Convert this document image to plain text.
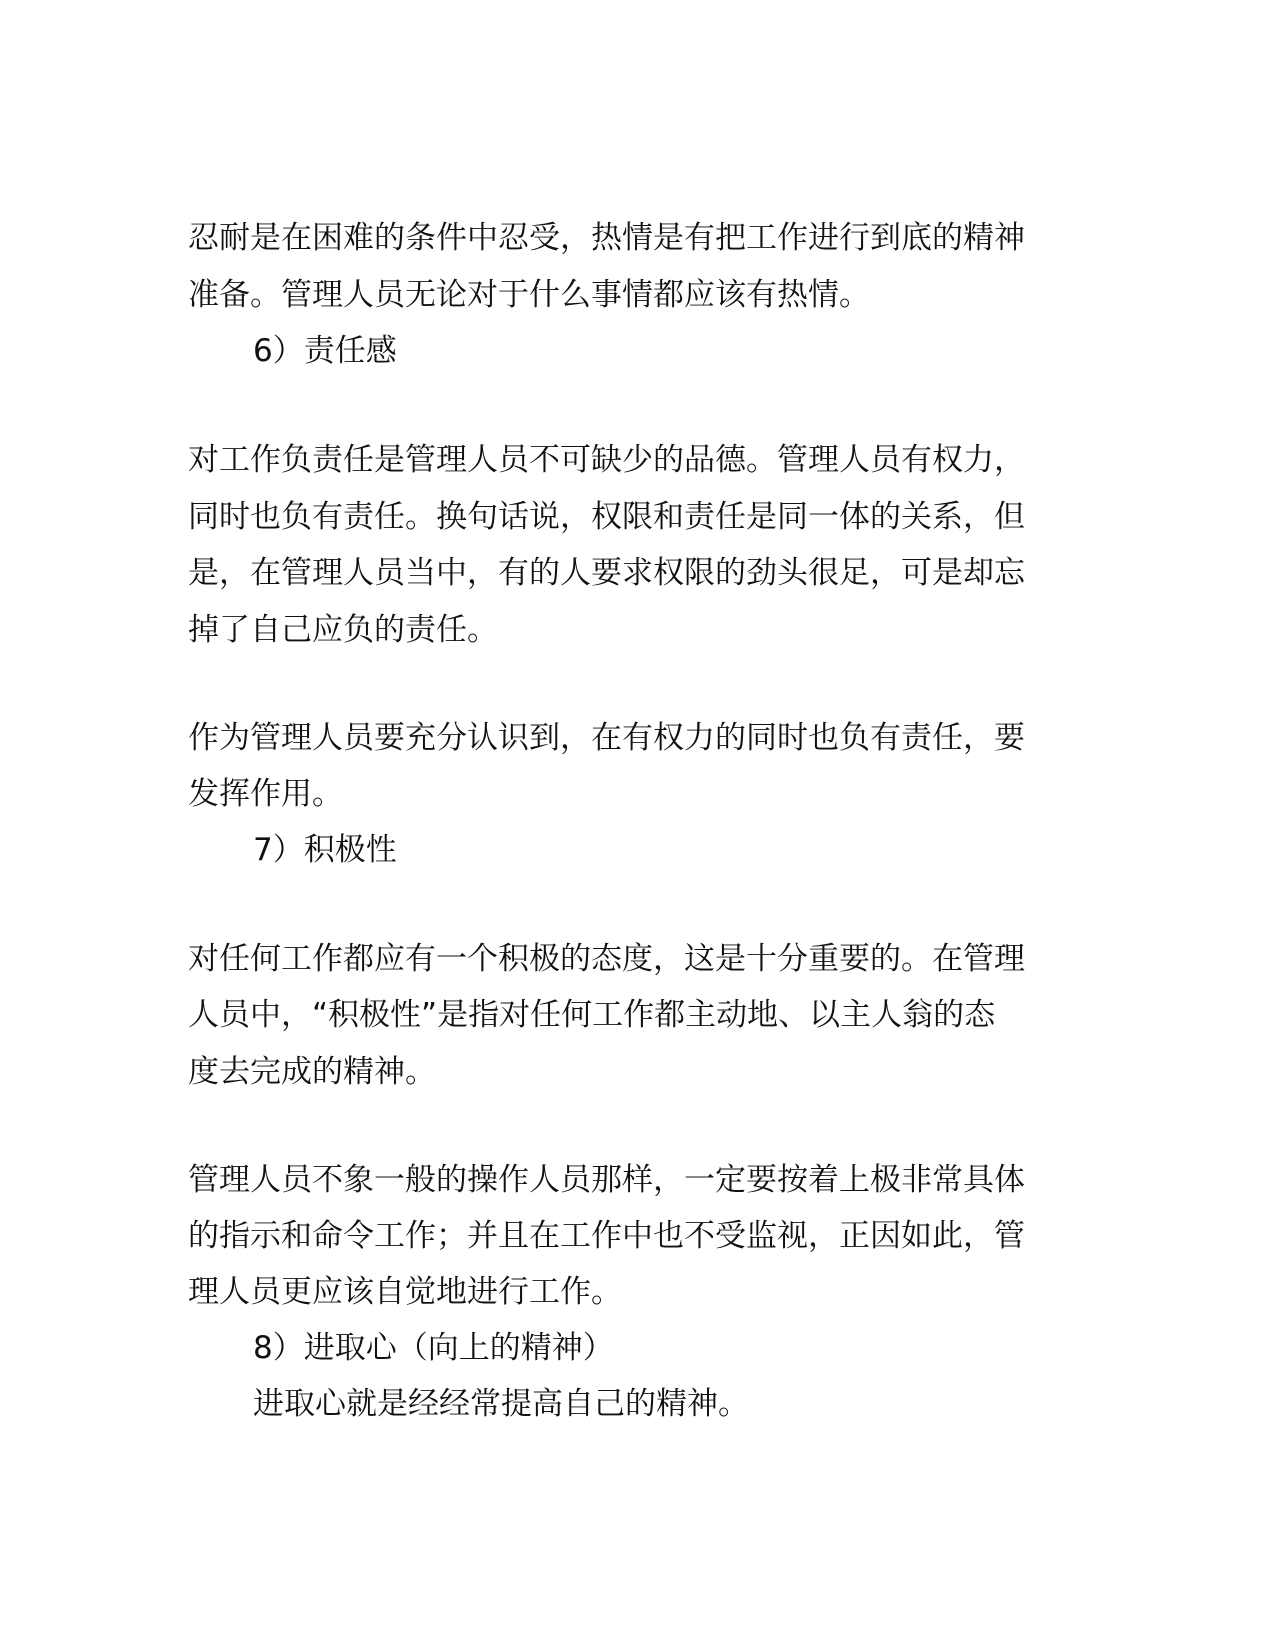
忍耐是在困难的条件中忍受，热情是有把工作进行到底的精神
准备。管理人员无论对于什么事情都应该有热情。
6）责任感
对工作负责任是管理人员不可缺少的品德。管理人员有权力，
同时也负有责任。换句话说，权限和责任是同一体的关系，但
是，在管理人员当中，有的人要求权限的劲头很足，可是却忘
掉了自己应负的责任。
作为管理人员要充分认识到，在有权力的同时也负有责任，要
发挥作用。
7）积极性
对任何工作都应有一个积极的态度，这是十分重要的。在管理
人员中，“积极性”是指对任何工作都主动地、以主人翁的态
度去完成的精神。
管理人员不象一般的操作人员那样，一定要按着上极非常具体
的指示和命令工作；并且在工作中也不受监视，正因如此，管
理人员更应该自觉地进行工作。
8）进取心（向上的精神）
进取心就是经经常提高自己的精神。
